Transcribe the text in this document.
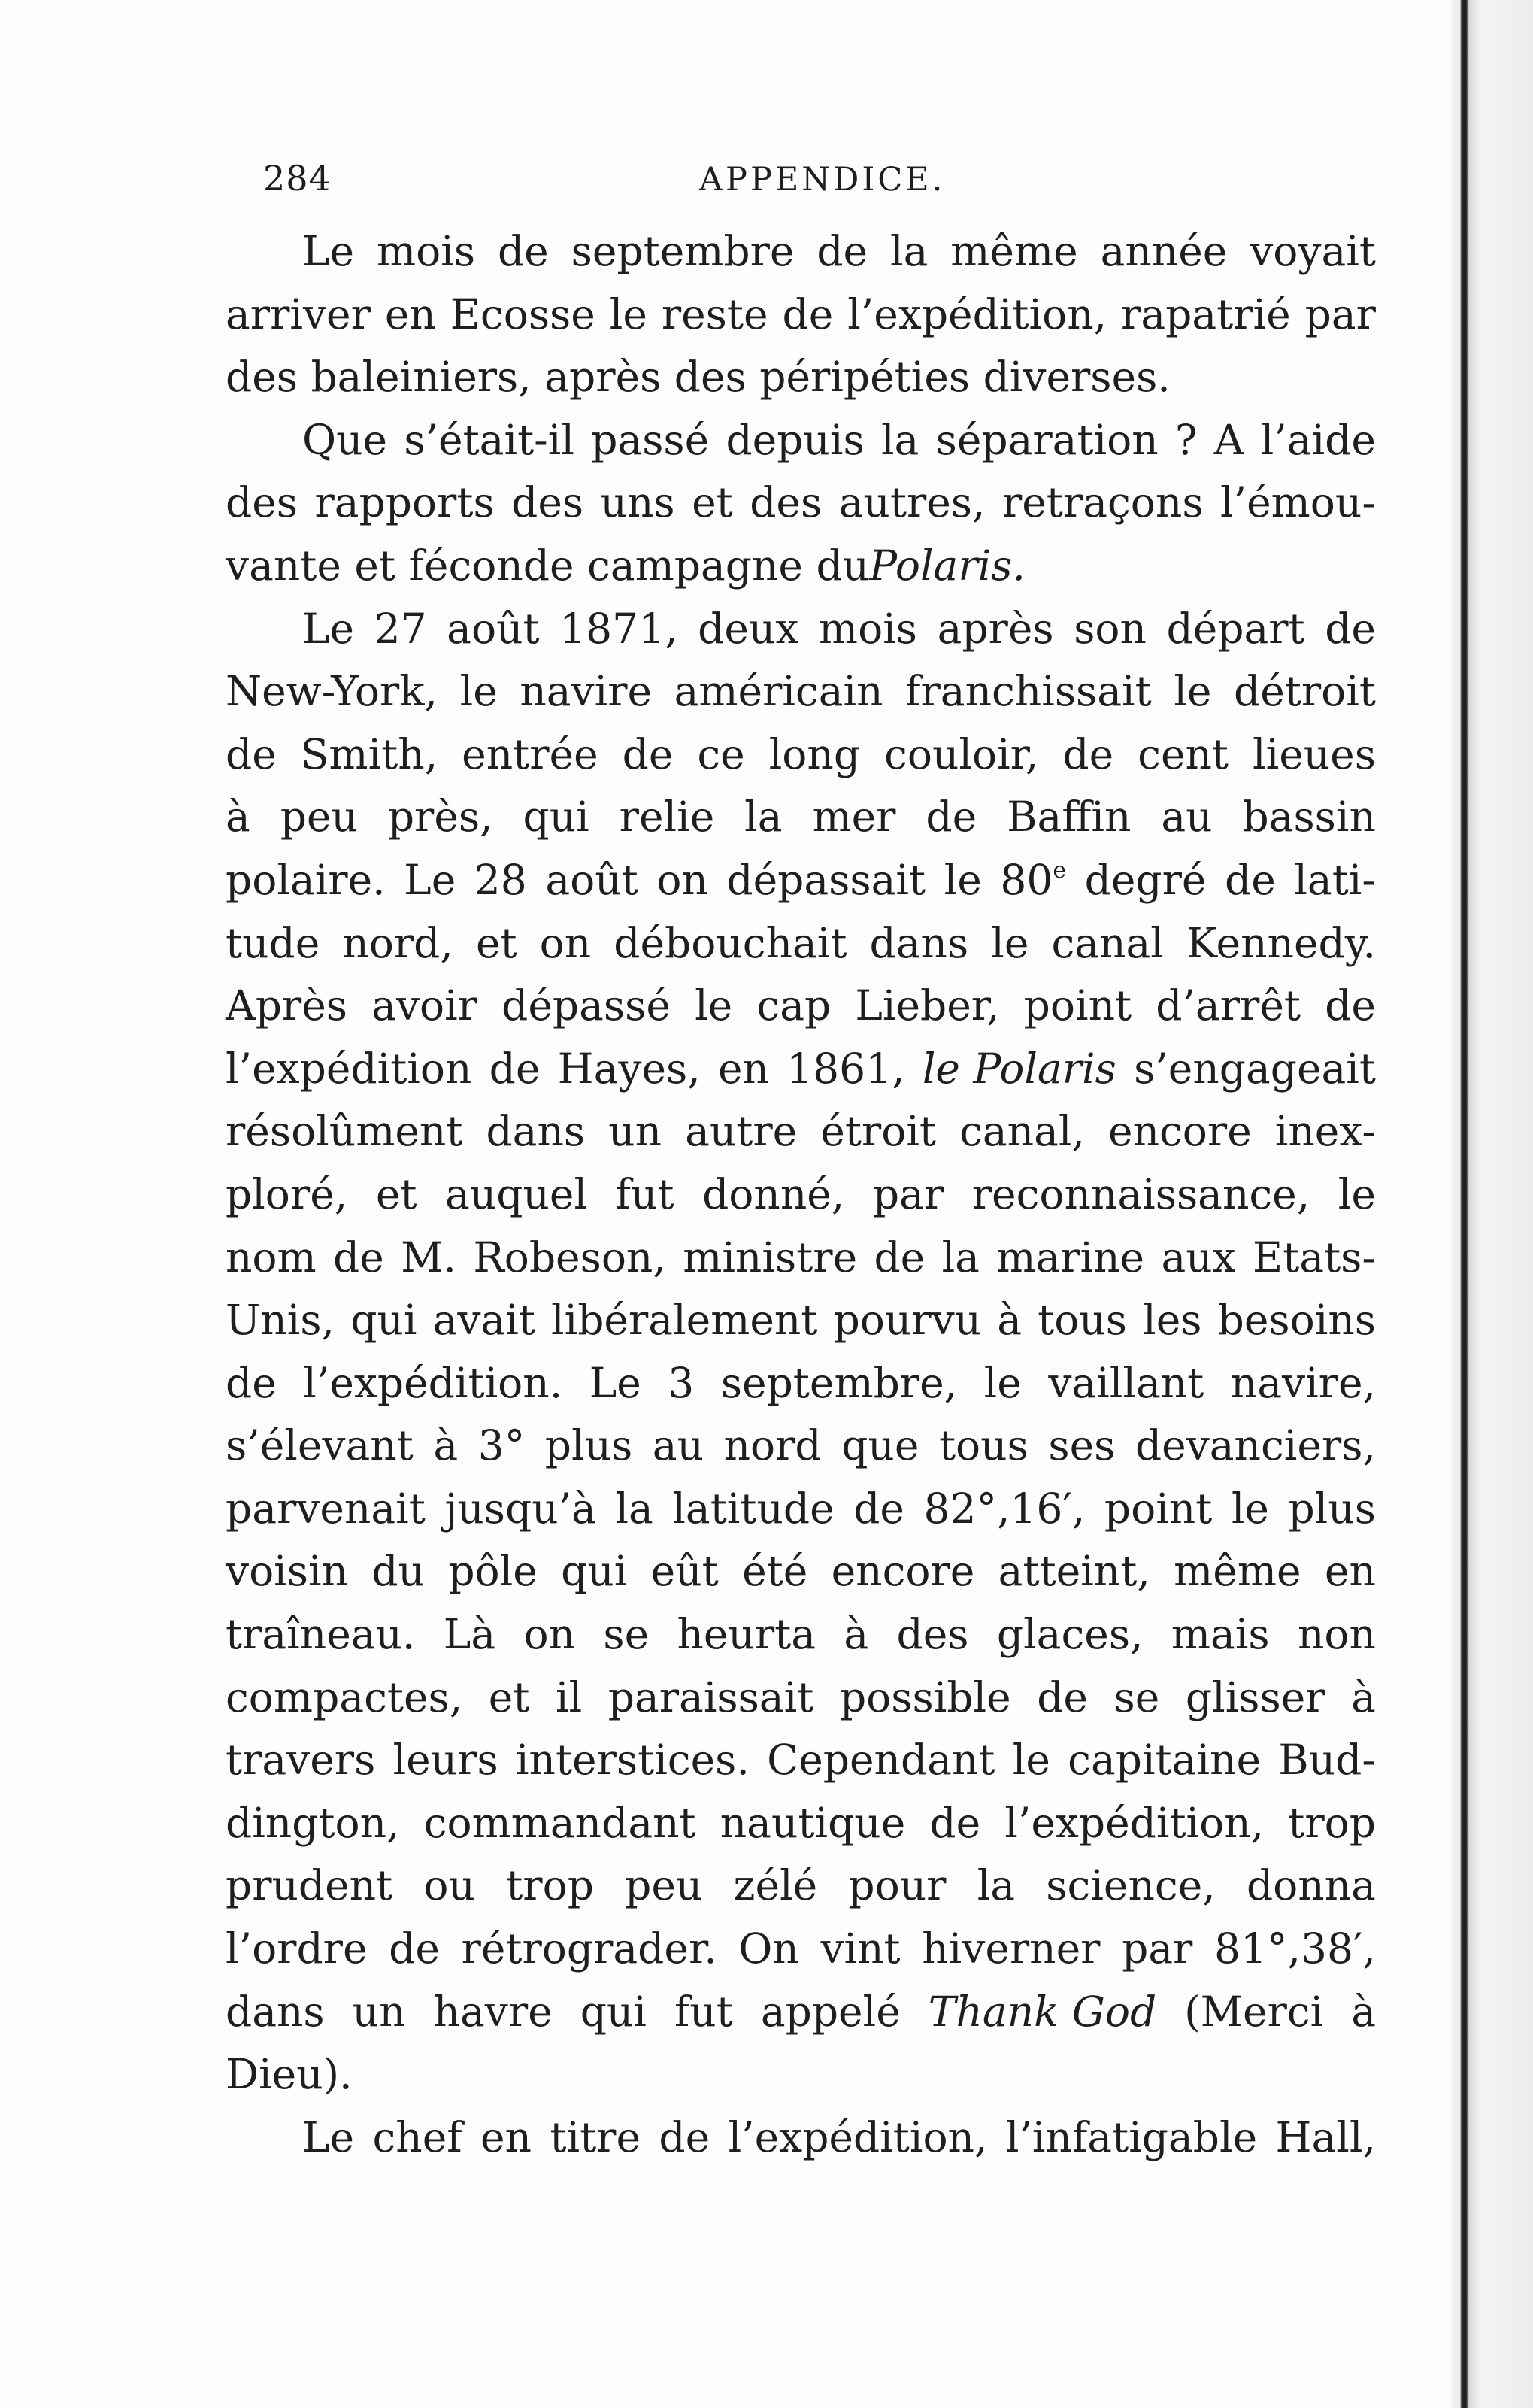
284	APPENDICE.
Le mois de septembre de la même année voyait
arriver en Ecosse le reste de l’expédition, rapatrié par
des baleiniers, après des péripéties diverses.
Que s’était-il passé depuis la séparation ? A l’aide
des rapports des uns et des autres, retraçons l’émou-
vante et féconde campagne du Polaris.
Le 27 août 1871, deux mois après son départ de
New-York, le navire américain franchissait le détroit
de Smith, entrée de ce long couloir, de cent lieues
à peu près, qui relie la mer de Baffin au bassin
polaire. Le 28 août on dépassait le 80e degré de lati-
tude nord, et on débouchait dans le canal Kennedy.
Après avoir dépassé le cap Lieber, point d’arrêt de
l’expédition de Hayes, en 1861, le Polaris s’engageait
résolûment dans un autre étroit canal, encore inex-
ploré, et auquel fut donné, par reconnaissance, le
nom de M. Robeson, ministre de la marine aux Etats-
Unis, qui avait libéralement pourvu à tous les besoins
de l’expédition. Le 3 septembre, le vaillant navire,
s’élevant à 3° plus au nord que tous ses devanciers,
parvenait jusqu’à la latitude de 82°,16′, point le plus
voisin du pôle qui eût été encore atteint, même en
traîneau. Là on se heurta à des glaces, mais non
compactes, et il paraissait possible de se glisser à
travers leurs interstices. Cependant le capitaine Bud-
dington, commandant nautique de l’expédition, trop
prudent ou trop peu zélé pour la science, donna
l’ordre de rétrograder. On vint hiverner par 81°,38′,
dans un havre qui fut appelé Thank God (Merci à
Dieu).
Le chef en titre de l’expédition, l’infatigable Hall,
